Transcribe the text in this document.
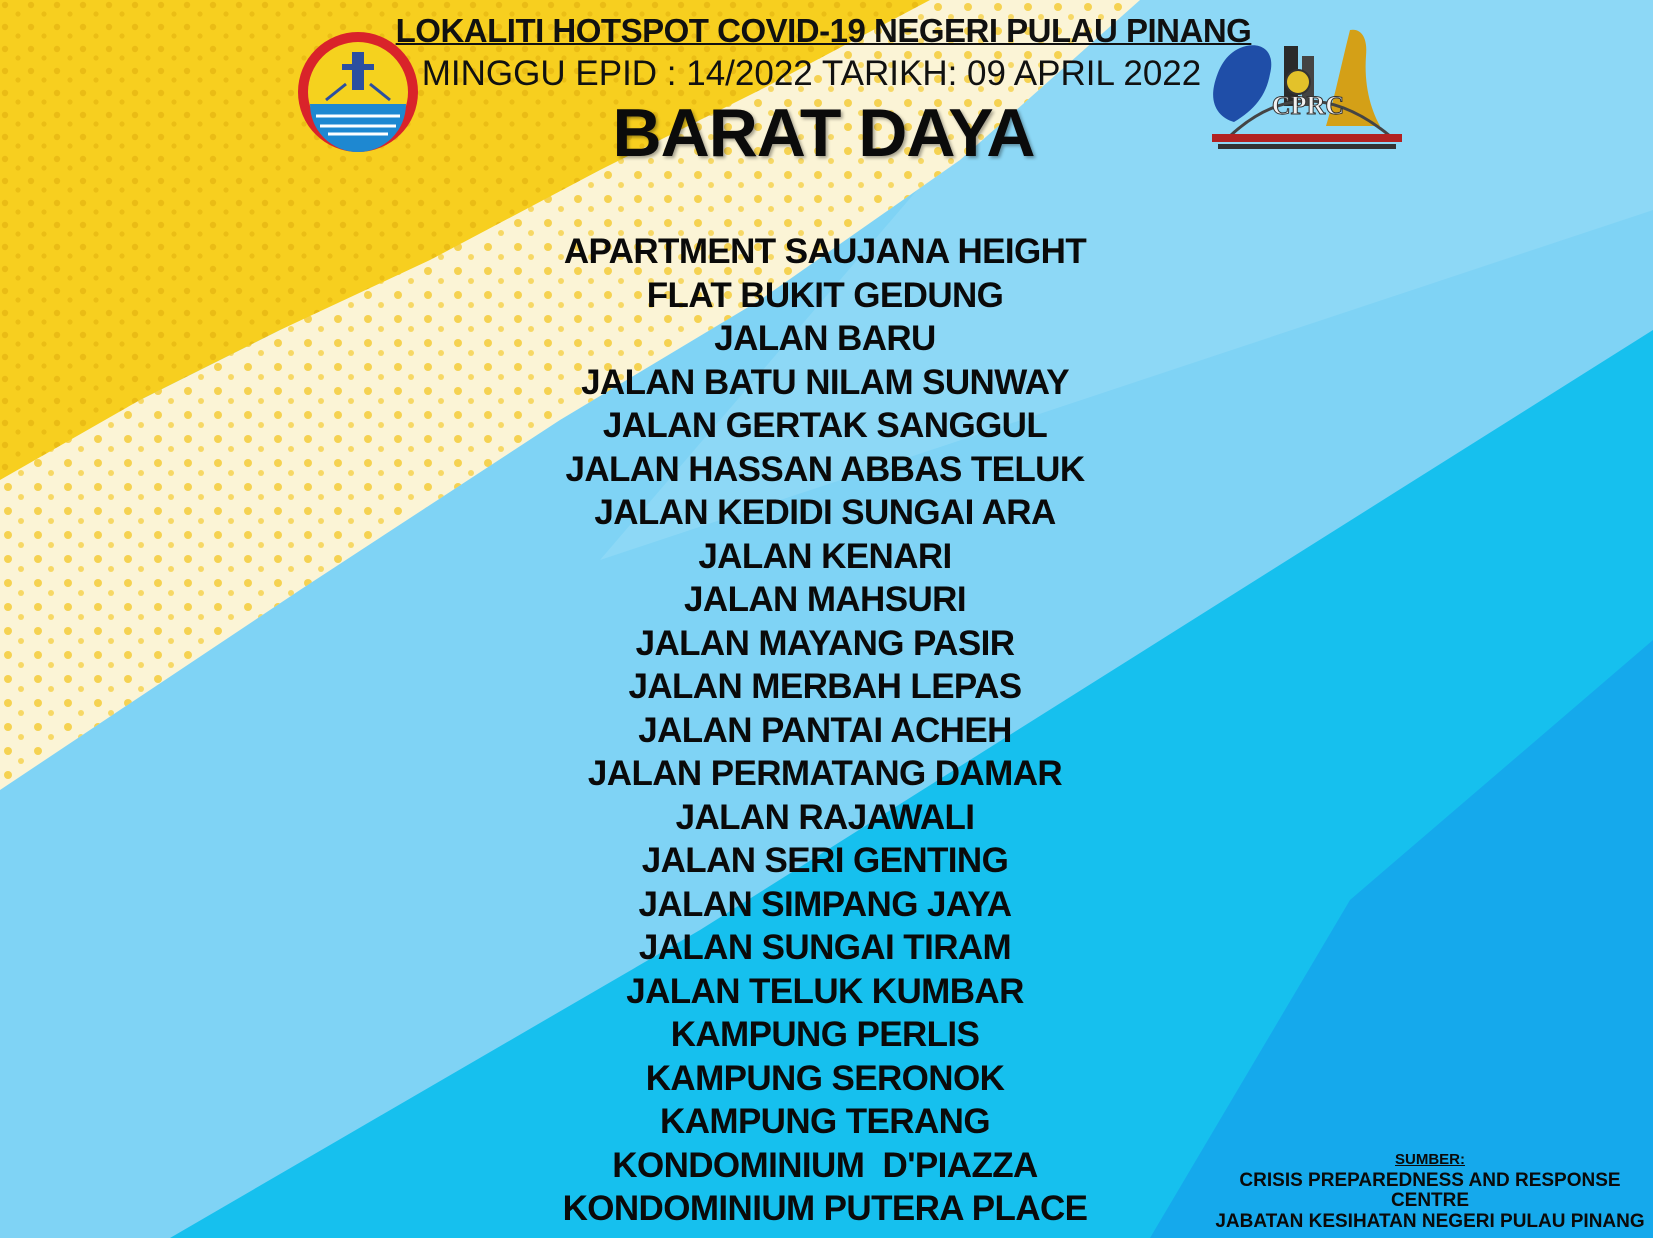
CPRC
LOKALITI HOTSPOT COVID-19 NEGERI PULAU PINANG
MINGGU EPID : 14/2022 TARIKH: 09 APRIL 2022
BARAT DAYA
APARTMENT SAUJANA HEIGHT
FLAT BUKIT GEDUNG
JALAN BARU
JALAN BATU NILAM SUNWAY
JALAN GERTAK SANGGUL
JALAN HASSAN ABBAS TELUK
JALAN KEDIDI SUNGAI ARA
JALAN KENARI
JALAN MAHSURI
JALAN MAYANG PASIR
JALAN MERBAH LEPAS
JALAN PANTAI ACHEH
JALAN PERMATANG DAMAR
JALAN RAJAWALI
JALAN SERI GENTING
JALAN SIMPANG JAYA
JALAN SUNGAI TIRAM
JALAN TELUK KUMBAR
KAMPUNG PERLIS
KAMPUNG SERONOK
KAMPUNG TERANG
KONDOMINIUM  D'PIAZZA
KONDOMINIUM PUTERA PLACE
SUMBER:
CRISIS PREPAREDNESS AND RESPONSE
CENTRE
JABATAN KESIHATAN NEGERI PULAU PINANG
